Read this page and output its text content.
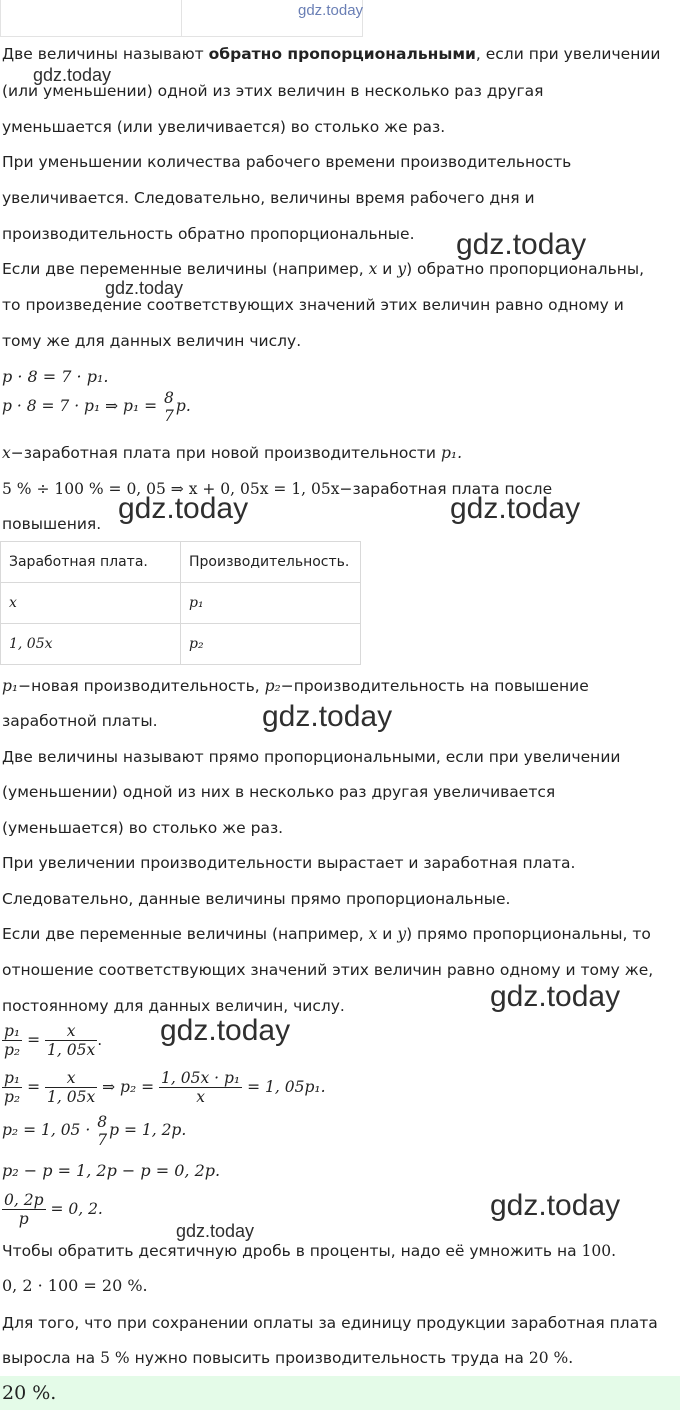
gdz.today
Две величины называют обратно пропорциональными, если при увеличении
gdz.today
(или уменьшении) одной из этих величин в несколько раз другая
уменьшается (или увеличивается) во столько же раз.
При уменьшении количества рабочего времени производительность
увеличивается. Следовательно, величины время рабочего дня и
производительность обратно пропорциональные. gdz.today
Если две переменные величины (например, x и y) обратно пропорциональны,
gdz.today
то произведение соответствующих значений этих величин равно одному и
тому же для данных величин числу.
p · 8 = 7 · p₁.
p · 8 = 7 · p₁ ⇒ p₁ = 8
7
p.
x−заработная плата при новой производительности p₁.
5 % ÷ 100 % = 0, 05 ⇒ x + 0, 05x = 1, 05x−заработная плата после
повышения. gdz.today	gdz.today
Заработная плата.	Производительность.
x	p₁
1, 05x	p₂
p₁−новая производительность, p₂−производительность на повышение
заработной платы.	gdz.today
Две величины называют прямо пропорциональными, если при увеличении
(уменьшении) одной из них в несколько раз другая увеличивается
(уменьшается) во столько же раз.
При увеличении производительности вырастает и заработная плата.
Следовательно, данные величины прямо пропорциональные.
Если две переменные величины (например, x и y) прямо пропорциональны, то
отношение соответствующих значений этих величин равно одному и тому же,
постоянному для данных величин, числу.	gdz.today
gdz.today
$\frac{\text{p₁}}{\text{p₂}} = \frac{x}{1, 05x}$ .
$\frac{\text{p₁}}{\text{p₂}} = \frac{x}{1, 05x}$ ⇒ $p_2 = \frac{\text{1, 05x · p₁}}{x} = 1$, 05p₁.
p₂ = 1, 05 · 8
7
p = 1, 2p.
p₂ − p = 1, 2p − p = 0, 2p.
$\frac{0, 2p}{p} = 0$, 2.	gdz.today
gdz.today
Чтобы обратить десятичную дробь в проценты, надо её умножить на 100.
0, 2 · 100 = 20 %.
Для того, что при сохранении оплаты за единицу продукции заработная плата
выросла на 5 % нужно повысить производительность труда на 20 %.
20 %.
